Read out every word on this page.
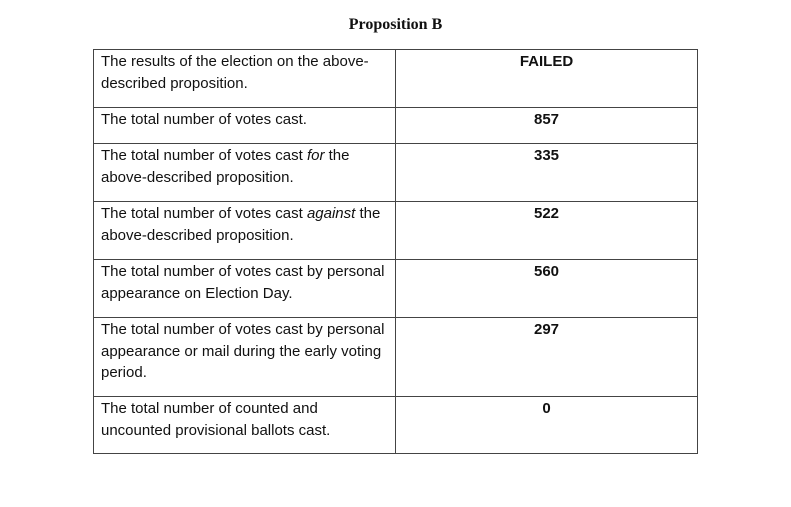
Proposition B
The results of the election on the above-described proposition.	FAILED

The total number of votes cast.	857

The total number of votes cast for the above-described proposition.	335

The total number of votes cast against the above-described proposition.	522

The total number of votes cast by personal appearance on Election Day.	560

The total number of votes cast by personal appearance or mail during the early voting period.	297

The total number of counted and uncounted provisional ballots cast.	0
